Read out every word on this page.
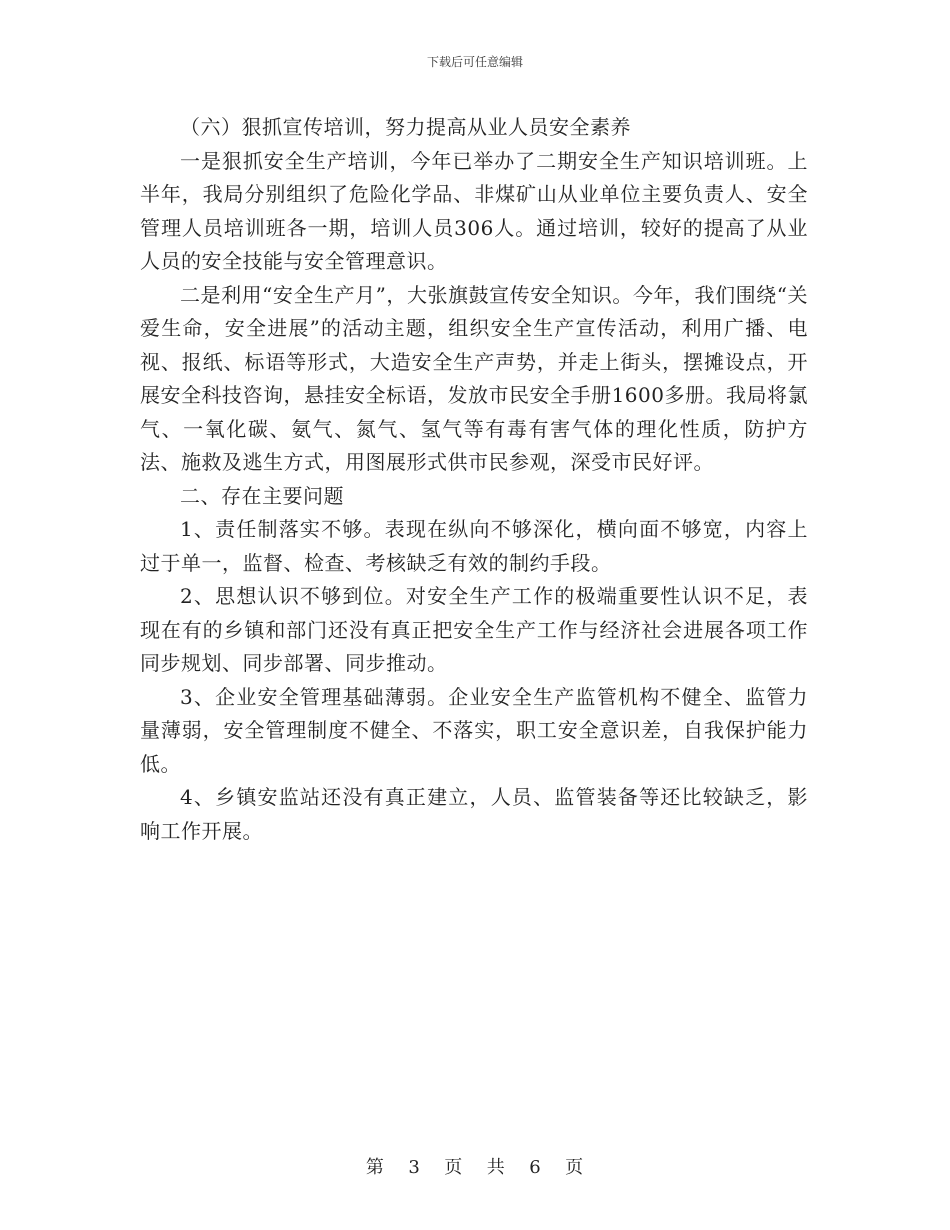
下载后可任意编辑

（六）狠抓宣传培训，努力提高从业人员安全素养

一是狠抓安全生产培训，今年已举办了二期安全生产知识培训班。上半年，我局分别组织了危险化学品、非煤矿山从业单位主要负责人、安全管理人员培训班各一期，培训人员306人。通过培训，较好的提高了从业人员的安全技能与安全管理意识。

二是利用“安全生产月”，大张旗鼓宣传安全知识。今年，我们围绕“关爱生命，安全进展”的活动主题，组织安全生产宣传活动，利用广播、电视、报纸、标语等形式，大造安全生产声势，并走上街头，摆摊设点，开展安全科技咨询，悬挂安全标语，发放市民安全手册1600多册。我局将氯气、一氧化碳、氨气、氮气、氢气等有毒有害气体的理化性质，防护方法、施救及逃生方式，用图展形式供市民参观，深受市民好评。

二、存在主要问题

1、责任制落实不够。表现在纵向不够深化，横向面不够宽，内容上过于单一，监督、检查、考核缺乏有效的制约手段。

2、思想认识不够到位。对安全生产工作的极端重要性认识不足，表现在有的乡镇和部门还没有真正把安全生产工作与经济社会进展各项工作同步规划、同步部署、同步推动。

3、企业安全管理基础薄弱。企业安全生产监管机构不健全、监管力量薄弱，安全管理制度不健全、不落实，职工安全意识差，自我保护能力低。

4、乡镇安监站还没有真正建立，人员、监管装备等还比较缺乏，影响工作开展。

第 3 页 共 6 页
